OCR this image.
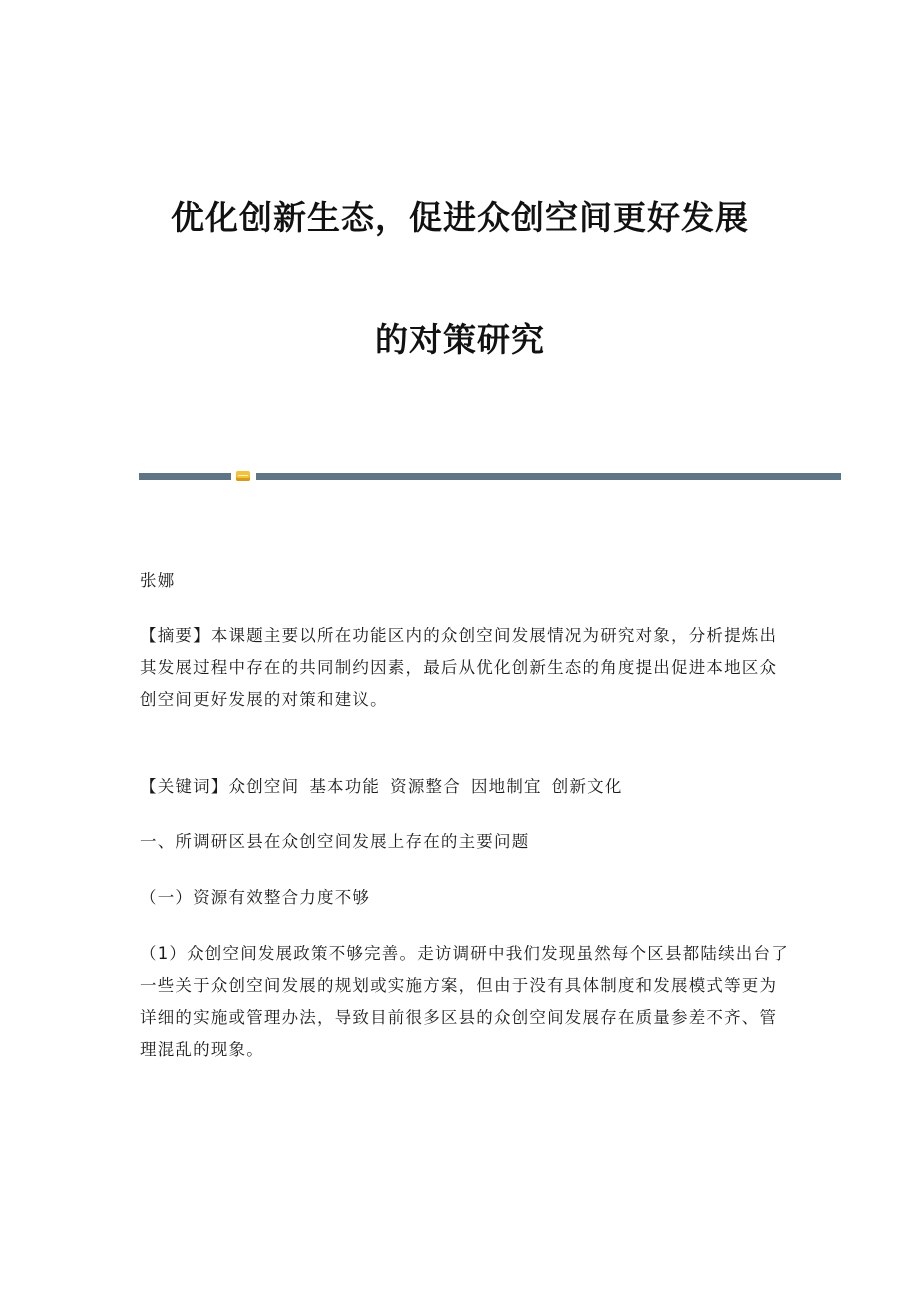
优化创新生态，促进众创空间更好发展
的对策研究

张娜

【摘要】本课题主要以所在功能区内的众创空间发展情况为研究对象，分析提炼出其发展过程中存在的共同制约因素，最后从优化创新生态的角度提出促进本地区众创空间更好发展的对策和建议。

【关键词】众创空间 基本功能 资源整合 因地制宜 创新文化

一、所调研区县在众创空间发展上存在的主要问题

（一）资源有效整合力度不够

（1）众创空间发展政策不够完善。走访调研中我们发现虽然每个区县都陆续出台了一些关于众创空间发展的规划或实施方案，但由于没有具体制度和发展模式等更为详细的实施或管理办法，导致目前很多区县的众创空间发展存在质量参差不齐、管理混乱的现象。
